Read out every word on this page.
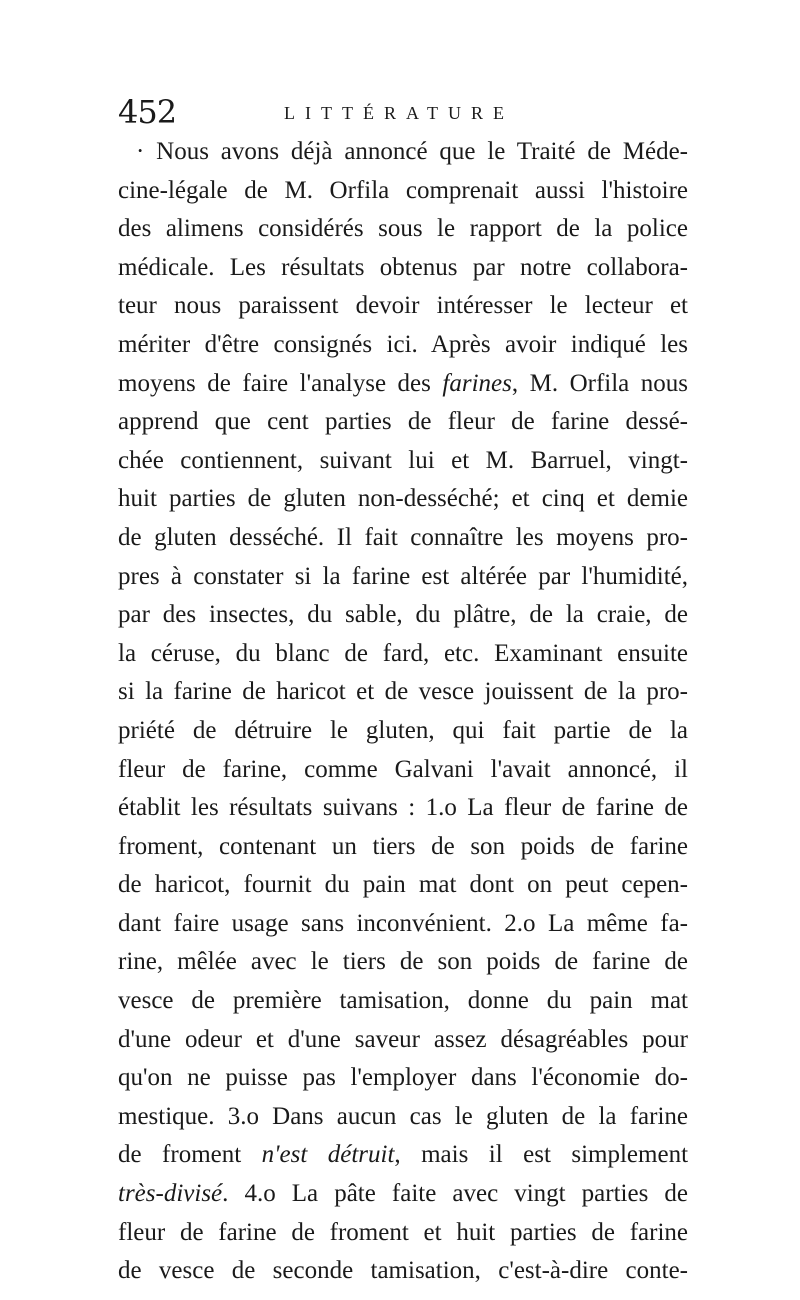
452	LITTÉRATURE
· Nous avons déjà annoncé que le Traité de Méde-
cine-légale de M. Orfila comprenait aussi l'histoire
des alimens considérés sous le rapport de la police
médicale. Les résultats obtenus par notre collabora-
teur nous paraissent devoir intéresser le lecteur et
mériter d'être consignés ici. Après avoir indiqué les
moyens de faire l'analyse des farines, M. Orfila nous
apprend que cent parties de fleur de farine dessé-
chée contiennent, suivant lui et M. Barruel, vingt-
huit parties de gluten non-desséché; et cinq et demie
de gluten desséché. Il fait connaître les moyens pro-
pres à constater si la farine est altérée par l'humidité,
par des insectes, du sable, du plâtre, de la craie, de
la céruse, du blanc de fard, etc. Examinant ensuite
si la farine de haricot et de vesce jouissent de la pro-
priété de détruire le gluten, qui fait partie de la
fleur de farine, comme Galvani l'avait annoncé, il
établit les résultats suivans : 1.o La fleur de farine de
froment, contenant un tiers de son poids de farine
de haricot, fournit du pain mat dont on peut cepen-
dant faire usage sans inconvénient. 2.o La même fa-
rine, mêlée avec le tiers de son poids de farine de
vesce de première tamisation, donne du pain mat
d'une odeur et d'une saveur assez désagréables pour
qu'on ne puisse pas l'employer dans l'économie do-
mestique. 3.o Dans aucun cas le gluten de la farine
de froment n'est détruit, mais il est simplement
très-divisé. 4.o La pâte faite avec vingt parties de
fleur de farine de froment et huit parties de farine
de vesce de seconde tamisation, c'est-à-dire conte-
